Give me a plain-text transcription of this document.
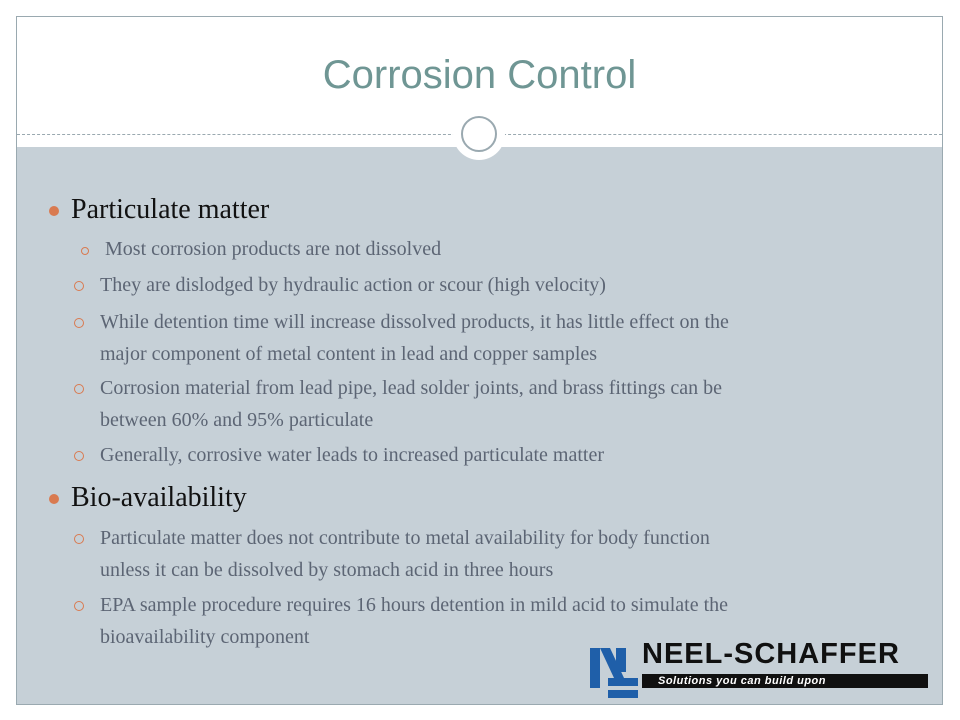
Corrosion Control
Particulate matter
Most corrosion products are not dissolved
They are dislodged by hydraulic action or scour (high velocity)
While detention time will increase dissolved products, it has little effect on the
major component of metal content in lead and copper samples
Corrosion material from lead pipe, lead solder joints, and brass fittings can be
between 60% and 95% particulate
Generally, corrosive water leads to increased particulate matter
Bio-availability
Particulate matter does not contribute to metal availability for body function
unless it can be dissolved by stomach acid in three hours
EPA sample procedure requires 16 hours detention in mild acid to simulate the
bioavailability component
NEEL-SCHAFFER
Solutions you can build upon
